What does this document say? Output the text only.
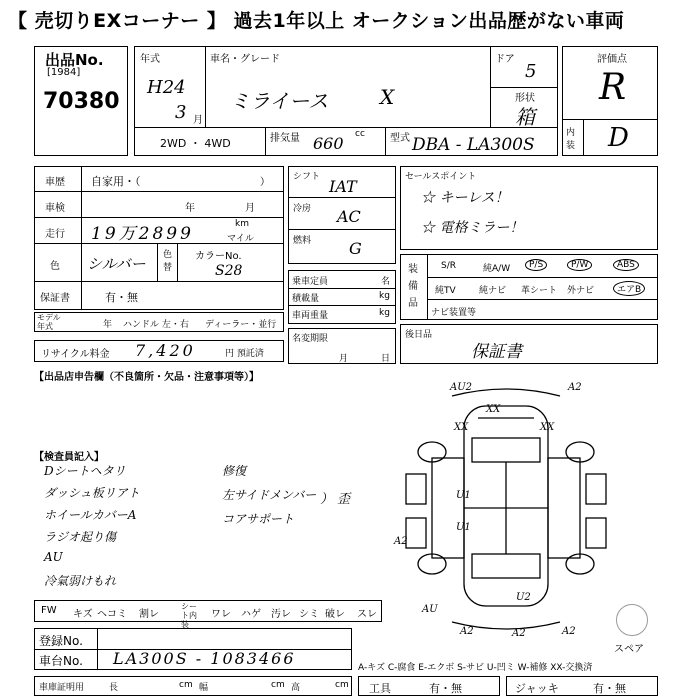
【 売切りEXコーナー 】 過去1年以上 オークション出品歴がない車両
出品No.
[1984]
70380
年式
H24
3 月
車名・グレード
ミライース	X
ドア
5
形状
箱
2WD ・ 4WD	排気量 660 cc	型式 DBA - LA300S
評価点
R
内装 D
車歴 自家用・（	）
車検	年	月
走行 19万2899	km
マイル
色 シルバー 色替
カラーNo.
S28
保証書	有・無
モデル年式	年 ハンドル 左・右 ディーラー・並行
リサイクル料金 7,420	円 預託済
シフト IAT
冷房 AC
燃料 G
乗車定員	名
積載量	kg
車両重量	kg
名変期限
月	日
セールスポイント
☆ キーレス！
☆ 電格ミラー！
装備品
S/R	純A/W	P/S	P/W	ABS
純TV	純ナビ 革シート 外ナビ	エアB
ナビ装置等
後日品
保証書
【出品店申告欄（不良箇所・欠品・注意事項等）】
【検査員記入】
Dシートヘタリ
ダッシュ板リアト
ホイールカバーA
ラジオ起り傷
AU
冷氣弱けもれ
修復
左サイドメンバー
コアサポート
） 歪
AU2	A2
XX	XX
XX
U1
U1
A2
AU
U2
A2	A2	A2
スペア
FW キズ ヘコミ 割レ
シート内装
ワレ ハゲ 汚レ シミ 破レ スレ
登録No.
車台No. LA300S - 1083466	A-キズ C-腐食 E-エクボ S-サビ U-凹ミ W-補修 XX-交換済
車庫証明用	長	cm 幅	cm 高	cm 工具	有・無	ジャッキ	有・無
